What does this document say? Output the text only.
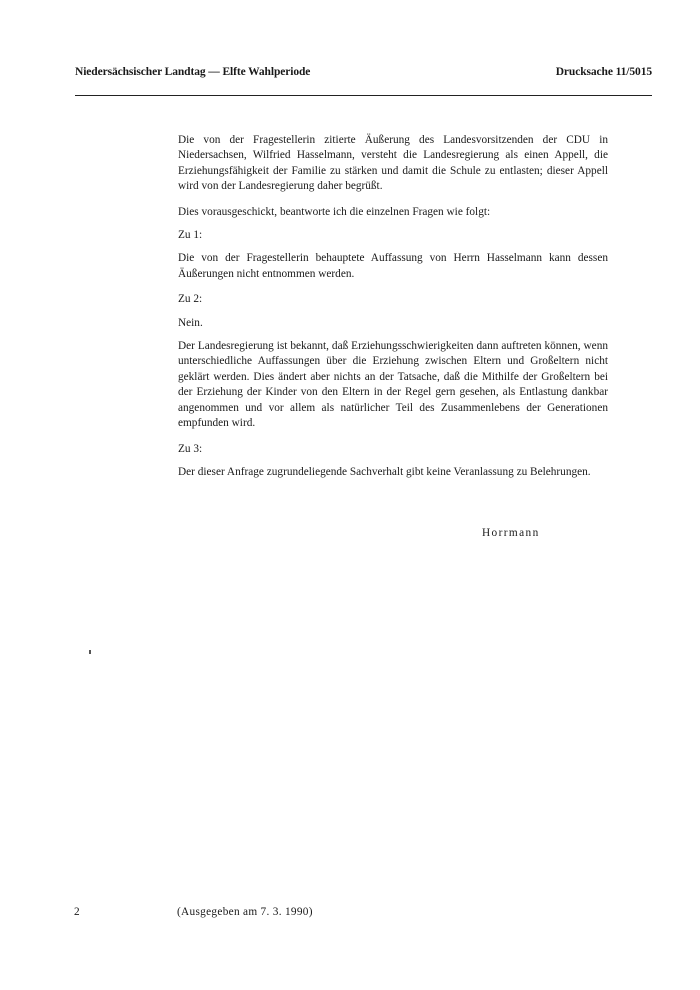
Niedersächsischer Landtag — Elfte Wahlperiode	Drucksache 11/5015

Die von der Fragestellerin zitierte Äußerung des Landesvorsitzenden der CDU in Niedersachsen, Wilfried Hasselmann, versteht die Landesregierung als einen Appell, die Erziehungsfähigkeit der Familie zu stärken und damit die Schule zu entlasten; dieser Appell wird von der Landesregierung daher begrüßt.

Dies vorausgeschickt, beantworte ich die einzelnen Fragen wie folgt:

Zu 1:

Die von der Fragestellerin behauptete Auffassung von Herrn Hasselmann kann dessen Äußerungen nicht entnommen werden.

Zu 2:

Nein.

Der Landesregierung ist bekannt, daß Erziehungsschwierigkeiten dann auftreten können, wenn unterschiedliche Auffassungen über die Erziehung zwischen Eltern und Großeltern nicht geklärt werden. Dies ändert aber nichts an der Tatsache, daß die Mithilfe der Großeltern bei der Erziehung der Kinder von den Eltern in der Regel gern gesehen, als Entlastung dankbar angenommen und vor allem als natürlicher Teil des Zusammenlebens der Generationen empfunden wird.

Zu 3:

Der dieser Anfrage zugrundeliegende Sachverhalt gibt keine Veranlassung zu Belehrungen.

Horrmann
2	(Ausgegeben am 7. 3. 1990)
